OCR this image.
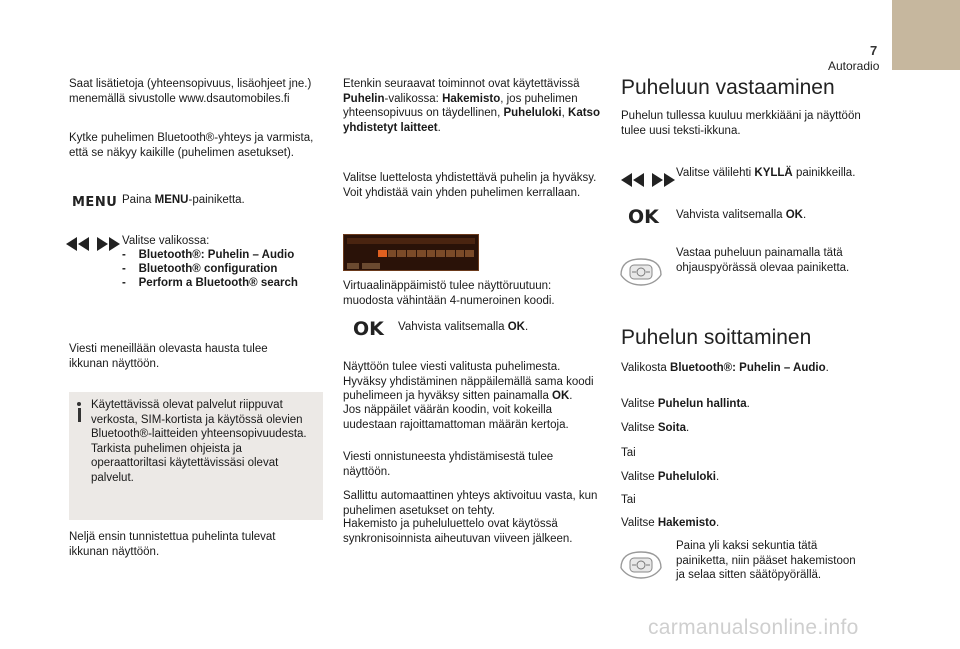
7
Autoradio
Saat lisätietoja (yhteensopivuus, lisäohjeet jne.) menemällä sivustolle www.dsautomobiles.fi
Kytke puhelimen Bluetooth®-yhteys ja varmista, että se näkyy kaikille (puhelimen asetukset).
MENU Paina MENU-painiketta.
Valitse valikossa:
-    Bluetooth®: Puhelin – Audio
-    Bluetooth® configuration
-    Perform a Bluetooth® search
Viesti meneillään olevasta hausta tulee ikkunan näyttöön.
Käytettävissä olevat palvelut riippuvat verkosta, SIM-kortista ja käytössä olevien Bluetooth®-laitteiden yhteensopivuudesta. Tarkista puhelimen ohjeista ja operaattoriltasi käytettävissäsi olevat palvelut.
Neljä ensin tunnistettua puhelinta tulevat ikkunan näyttöön.
Etenkin seuraavat toiminnot ovat käytettävissä Puhelin-valikossa: Hakemisto, jos puhelimen yhteensopivuus on täydellinen, Puheluloki, Katso yhdistetyt laitteet.
Valitse luettelosta yhdistettävä puhelin ja hyväksy. Voit yhdistää vain yhden puhelimen kerrallaan.
Virtuaalinäppäimistö tulee näyttöruutuun: muodosta vähintään 4-numeroinen koodi.
OK Vahvista valitsemalla OK.
Näyttöön tulee viesti valitusta puhelimesta. Hyväksy yhdistäminen näppäilemällä sama koodi puhelimeen ja hyväksy sitten painamalla OK.
Jos näppäilet väärän koodin, voit kokeilla uudestaan rajoittamattoman määrän kertoja.
Viesti onnistuneesta yhdistämisestä tulee näyttöön.
Sallittu automaattinen yhteys aktivoituu vasta, kun puhelimen asetukset on tehty.
Hakemisto ja puheluluettelo ovat käytössä synkronisoinnista aiheutuvan viiveen jälkeen.
Puheluun vastaaminen
Puhelun tullessa kuuluu merkkiääni ja näyttöön tulee uusi teksti-ikkuna.
Valitse välilehti KYLLÄ painikkeilla.
OK Vahvista valitsemalla OK.
Vastaa puheluun painamalla tätä ohjauspyörässä olevaa painiketta.
Puhelun soittaminen
Valikosta Bluetooth®: Puhelin – Audio.
Valitse Puhelun hallinta.
Valitse Soita.
Tai
Valitse Puheluloki.
Tai
Valitse Hakemisto.
Paina yli kaksi sekuntia tätä painiketta, niin pääset hakemistoon ja selaa sitten säätöpyörällä.
carmanualsonline.info
